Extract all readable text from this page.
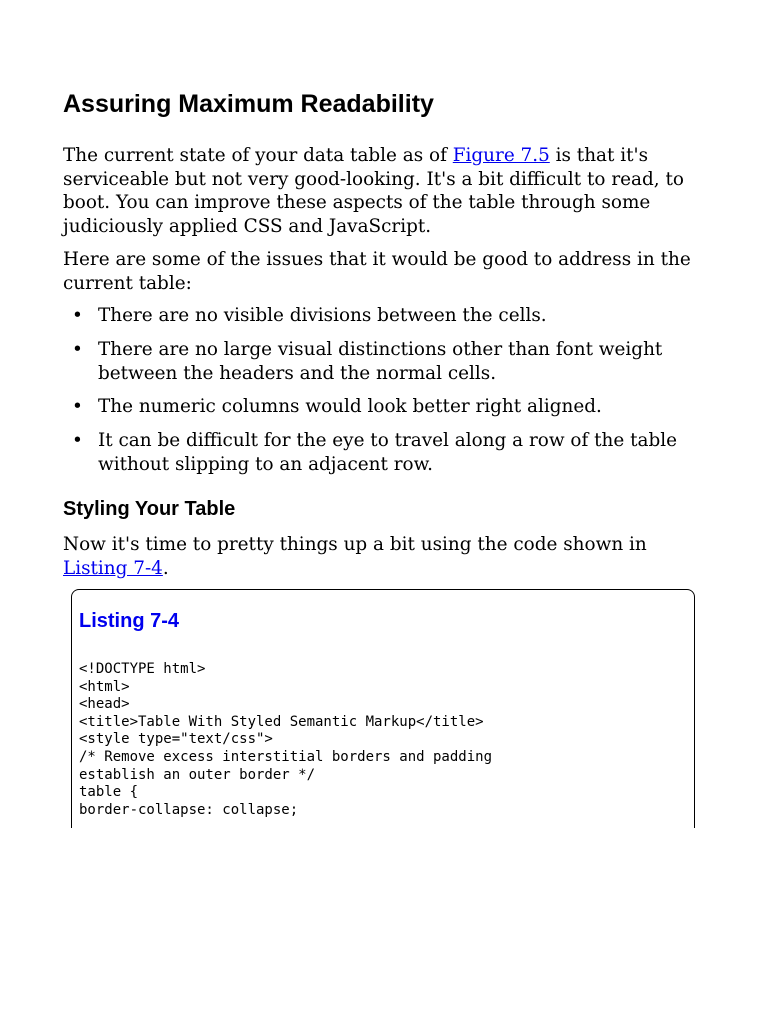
Assuring Maximum Readability

The current state of your data table as of Figure 7.5 is that it's serviceable but not very good-looking. It's a bit difficult to read, to boot. You can improve these aspects of the table through some judiciously applied CSS and JavaScript.

Here are some of the issues that it would be good to address in the current table:

• There are no visible divisions between the cells.
• There are no large visual distinctions other than font weight between the headers and the normal cells.
• The numeric columns would look better right aligned.
• It can be difficult for the eye to travel along a row of the table without slipping to an adjacent row.
Styling Your Table

Now it's time to pretty things up a bit using the code shown in Listing 7-4.

Listing 7-4
<!DOCTYPE html>
<html>
<head>
<title>Table With Styled Semantic Markup</title>
<style type="text/css">
/* Remove excess interstitial borders and padding
establish an outer border */
table {
border-collapse: collapse;
